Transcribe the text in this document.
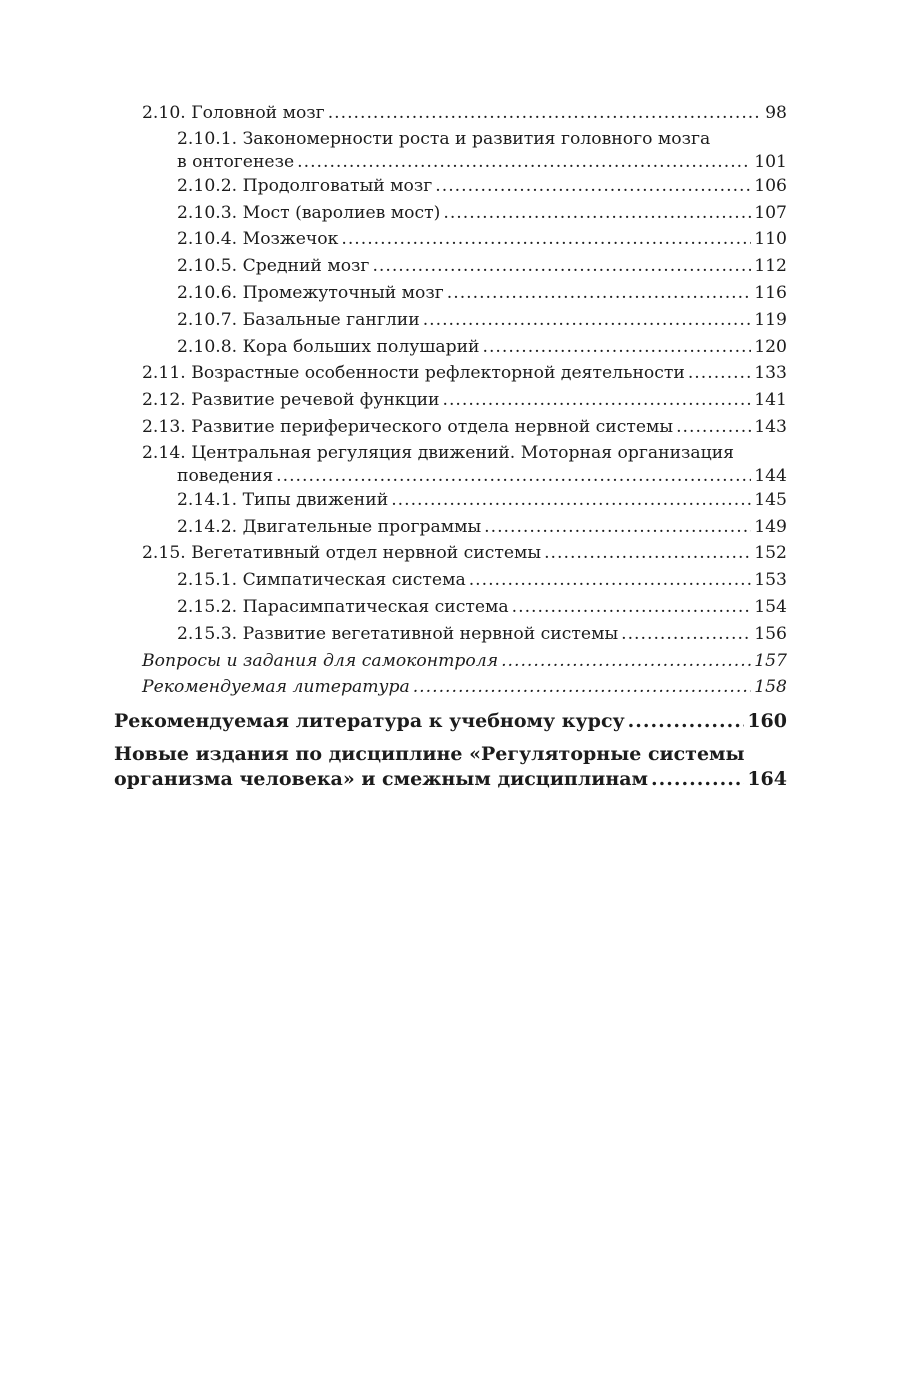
2.10. Головной мозг .....	98
2.10.1. Закономерности роста и развития головного мозга
в онтогенезе .....	101
2.10.2. Продолговатый мозг .....	106
2.10.3. Мост (варолиев мост) .....	107
2.10.4. Мозжечок .....	110
2.10.5. Средний мозг .....	112
2.10.6. Промежуточный мозг .....	116
2.10.7. Базальные ганглии .....	119
2.10.8. Кора больших полушарий .....	120
2.11. Возрастные особенности рефлекторной деятельности .....	133
2.12. Развитие речевой функции .....	141
2.13. Развитие периферического отдела нервной системы .....	143
2.14. Центральная регуляция движений. Моторная организация
поведения .....	144
2.14.1. Типы движений .....	145
2.14.2. Двигательные программы .....	149
2.15. Вегетативный отдел нервной системы .....	152
2.15.1. Симпатическая система .....	153
2.15.2. Парасимпатическая система .....	154
2.15.3. Развитие вегетативной нервной системы .....	156
Вопросы и задания для самоконтроля .....	157
Рекомендуемая литература .....	158
Рекомендуемая литература к учебному курсу .....	160
Новые издания по дисциплине «Регуляторные системы
организма человека» и смежным дисциплинам .....	164
